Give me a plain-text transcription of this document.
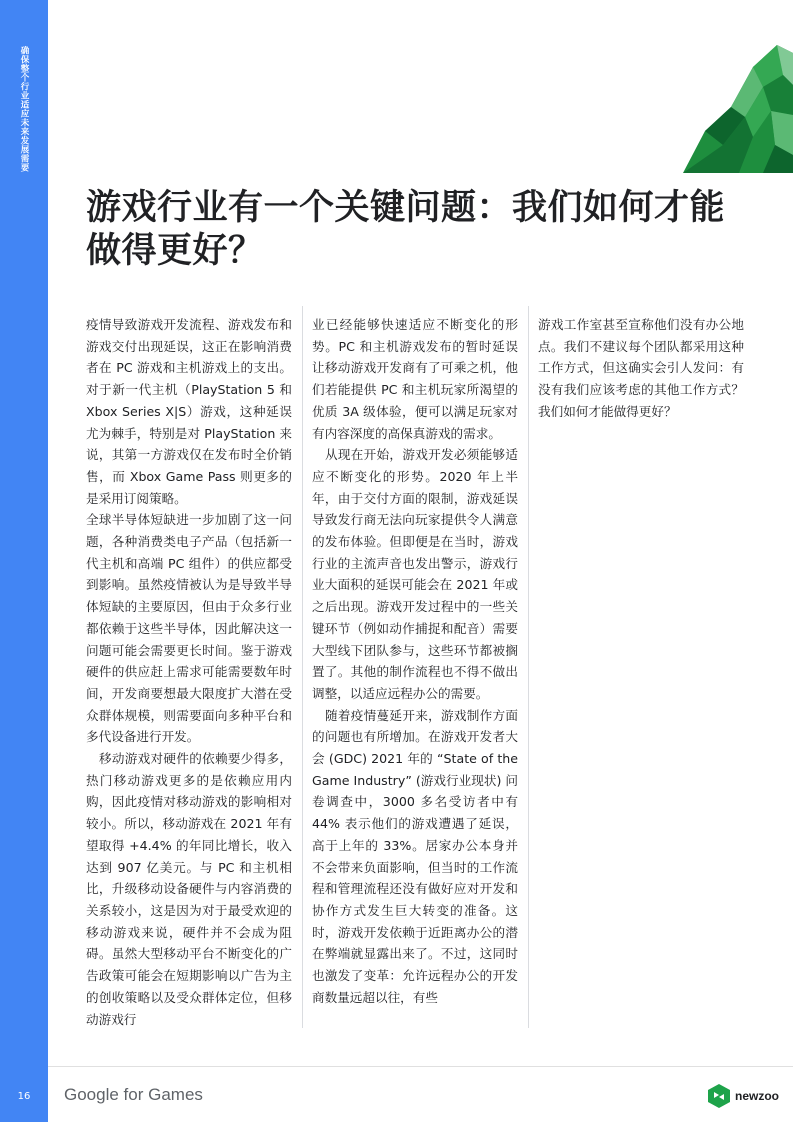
确保整个行业适应未来发展需要
16
游戏行业有一个关键问题：我们如何才能做得更好？

疫情导致游戏开发流程、游戏发布和游戏交付出现延误，这正在影响消费者在 PC 游戏和主机游戏上的支出。对于新一代主机（PlayStation 5 和 Xbox Series X|S）游戏，这种延误尤为棘手，特别是对 PlayStation 来说，其第一方游戏仅在发布时全价销售，而 Xbox Game Pass 则更多的是采用订阅策略。

全球半导体短缺进一步加剧了这一问题，各种消费类电子产品（包括新一代主机和高端 PC 组件）的供应都受到影响。虽然疫情被认为是导致半导体短缺的主要原因，但由于众多行业都依赖于这些半导体，因此解决这一问题可能会需要更长时间。鉴于游戏硬件的供应赶上需求可能需要数年时间，开发商要想最大限度扩大潜在受众群体规模，则需要面向多种平台和多代设备进行开发。

移动游戏对硬件的依赖要少得多，热门移动游戏更多的是依赖应用内购，因此疫情对移动游戏的影响相对较小。所以，移动游戏在 2021 年有望取得 +4.4% 的年同比增长，收入达到 907 亿美元。与 PC 和主机相比，升级移动设备硬件与内容消费的关系较小，这是因为对于最受欢迎的移动游戏来说，硬件并不会成为阻碍。虽然大型移动平台不断变化的广告政策可能会在短期影响以广告为主的创收策略以及受众群体定位，但移动游戏行

业已经能够快速适应不断变化的形势。PC 和主机游戏发布的暂时延误让移动游戏开发商有了可乘之机，他们若能提供 PC 和主机玩家所渴望的优质 3A 级体验，便可以满足玩家对有内容深度的高保真游戏的需求。

从现在开始，游戏开发必须能够适应不断变化的形势。2020 年上半年，由于交付方面的限制，游戏延误导致发行商无法向玩家提供令人满意的发布体验。但即便是在当时，游戏行业的主流声音也发出警示，游戏行业大面积的延误可能会在 2021 年或之后出现。游戏开发过程中的一些关键环节（例如动作捕捉和配音）需要大型线下团队参与，这些环节都被搁置了。其他的制作流程也不得不做出调整，以适应远程办公的需要。

随着疫情蔓延开来，游戏制作方面的问题也有所增加。在游戏开发者大会 (GDC) 2021 年的 “State of the Game Industry” (游戏行业现状) 问卷调查中，3000 多名受访者中有 44% 表示他们的游戏遭遇了延误，高于上年的 33%。居家办公本身并不会带来负面影响，但当时的工作流程和管理流程还没有做好应对开发和协作方式发生巨大转变的准备。这时，游戏开发依赖于近距离办公的潜在弊端就显露出来了。不过，这同时也激发了变革：允许远程办公的开发商数量远超以往，有些

游戏工作室甚至宣称他们没有办公地点。我们不建议每个团队都采用这种工作方式，但这确实会引人发问：有没有我们应该考虑的其他工作方式？我们如何才能做得更好？

Google for Games	newzoo
